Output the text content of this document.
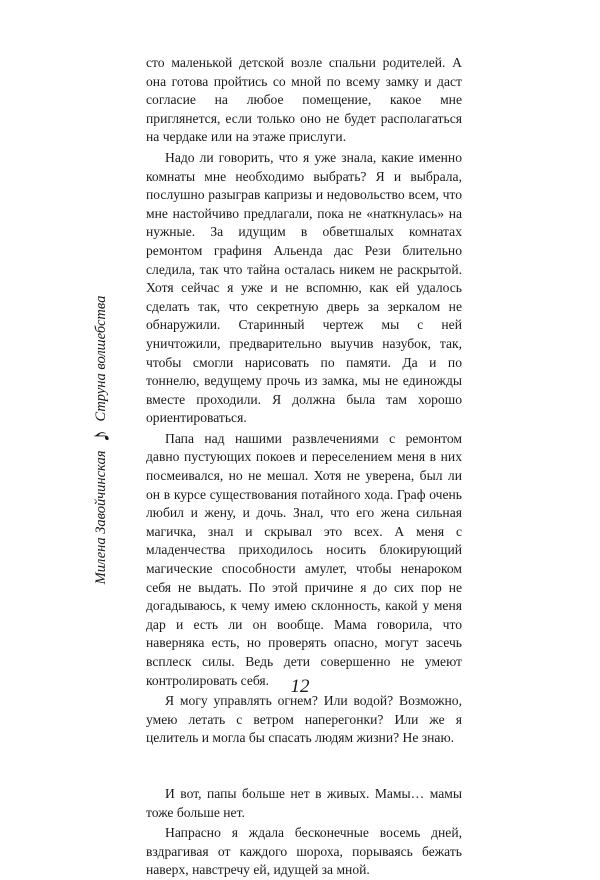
Милена Завойчинская
♪
Струна волшебства

сто маленькой детской возле спальни родителей. А она готова пройтись со мной по всему замку и даст согласие на любое помещение, какое мне приглянется, если только оно не будет располагаться на чердаке или на этаже прислуги.

Надо ли говорить, что я уже знала, какие именно комнаты мне необходимо выбрать? Я и выбрала, послушно разыграв капризы и недовольство всем, что мне настойчиво предлагали, пока не «наткнулась» на нужные. За идущим в обветшалых комнатах ремонтом графиня Альенда дас Рези блительно следила, так что тайна осталась никем не раскрытой. Хотя сейчас я уже и не вспомню, как ей удалось сделать так, что секретную дверь за зеркалом не обнаружили. Старинный чертеж мы с ней уничтожили, предварительно выучив назубок, так, чтобы смогли нарисовать по памяти. Да и по тоннелю, ведущему прочь из замка, мы не единожды вместе проходили. Я должна была там хорошо ориентироваться.

Папа над нашими развлечениями с ремонтом давно пустующих покоев и переселением меня в них посмеивался, но не мешал. Хотя не уверена, был ли он в курсе существования потайного хода. Граф очень любил и жену, и дочь. Знал, что его жена сильная магичка, знал и скрывал это всех. А меня с младенчества приходилось носить блокирующий магические способности амулет, чтобы ненароком себя не выдать. По этой причине я до сих пор не догадываюсь, к чему имею склонность, какой у меня дар и есть ли он вообще. Мама говорила, что наверняка есть, но проверять опасно, могут засечь всплеск силы. Ведь дети совершенно не умеют контролировать себя.

Я могу управлять огнем? Или водой? Возможно, умею летать с ветром наперегонки? Или же я целитель и могла бы спасать людям жизни? Не знаю.

И вот, папы больше нет в живых. Мамы… мамы тоже больше нет.

Напрасно я ждала бесконечные восемь дней, вздрагивая от каждого шороха, порываясь бежать наверх, навстречу ей, идущей за мной.

12
